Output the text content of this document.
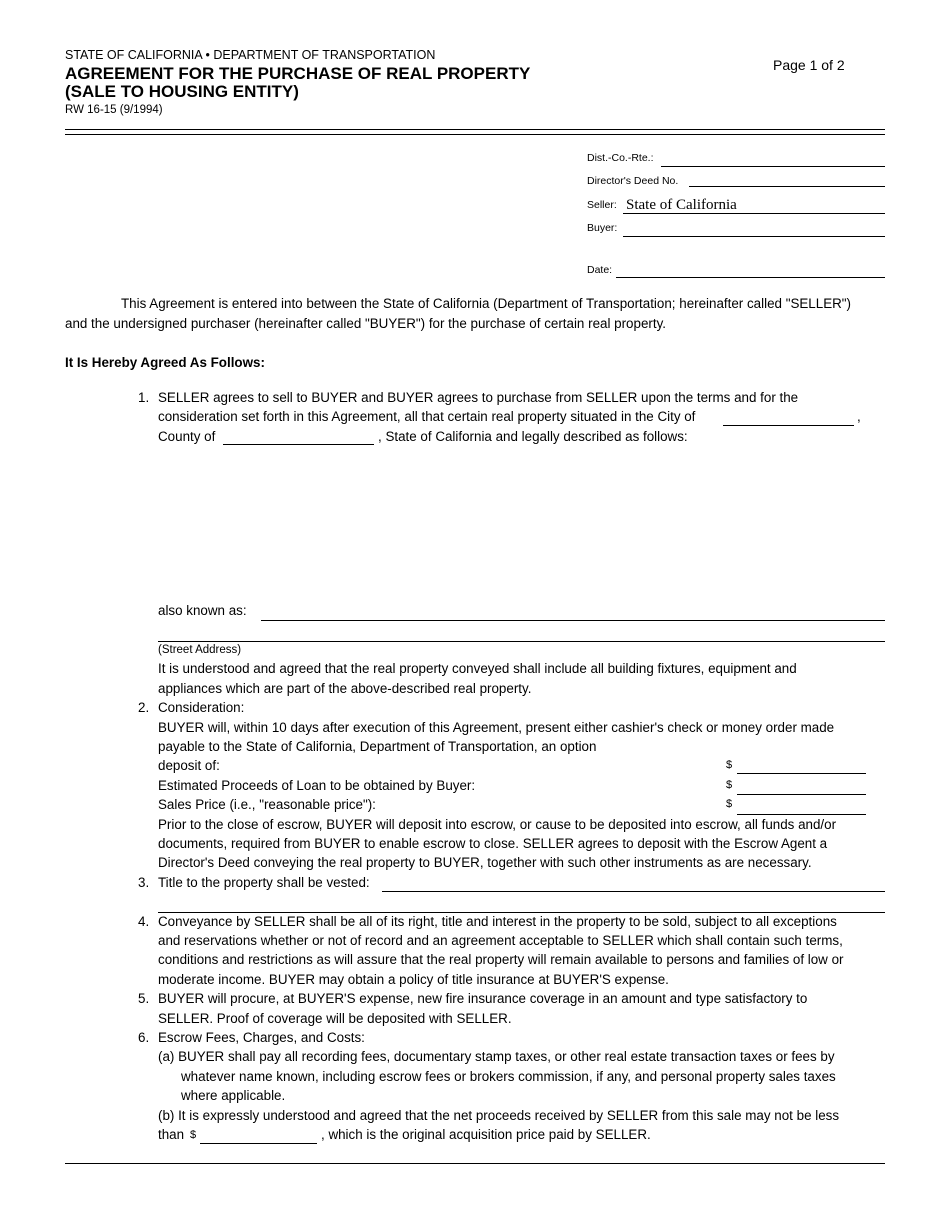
STATE OF CALIFORNIA • DEPARTMENT OF TRANSPORTATION
AGREEMENT FOR THE PURCHASE OF REAL PROPERTY
(SALE TO HOUSING ENTITY)
RW 16-15 (9/1994)
Page 1 of 2
Dist.-Co.-Rte.:
Director's Deed No.
Seller: State of California
Buyer:
Date:
This Agreement is entered into between the State of California (Department of Transportation; hereinafter called "SELLER")
and the undersigned purchaser (hereinafter called "BUYER") for the purchase of certain real property.
It Is Hereby Agreed As Follows:
1. SELLER agrees to sell to BUYER and BUYER agrees to purchase from SELLER upon the terms and for the
consideration set forth in this Agreement, all that certain real property situated in the City of	,
County of	, State of California and legally described as follows:
also known as:
(Street Address)
It is understood and agreed that the real property conveyed shall include all building fixtures, equipment and
appliances which are part of the above-described real property.
2. Consideration:
BUYER will, within 10 days after execution of this Agreement, present either cashier's check or money order made
payable to the State of California, Department of Transportation, an option
deposit of:	$
Estimated Proceeds of Loan to be obtained by Buyer:	$
Sales Price (i.e., "reasonable price"):	$
Prior to the close of escrow, BUYER will deposit into escrow, or cause to be deposited into escrow, all funds and/or
documents, required from BUYER to enable escrow to close. SELLER agrees to deposit with the Escrow Agent a
Director's Deed conveying the real property to BUYER, together with such other instruments as are necessary.
3. Title to the property shall be vested:
4. Conveyance by SELLER shall be all of its right, title and interest in the property to be sold, subject to all exceptions
and reservations whether or not of record and an agreement acceptable to SELLER which shall contain such terms,
conditions and restrictions as will assure that the real property will remain available to persons and families of low or
moderate income. BUYER may obtain a policy of title insurance at BUYER'S expense.
5. BUYER will procure, at BUYER'S expense, new fire insurance coverage in an amount and type satisfactory to
SELLER. Proof of coverage will be deposited with SELLER.
6. Escrow Fees, Charges, and Costs:
(a) BUYER shall pay all recording fees, documentary stamp taxes, or other real estate transaction taxes or fees by
whatever name known, including escrow fees or brokers commission, if any, and personal property sales taxes
where applicable.
(b) It is expressly understood and agreed that the net proceeds received by SELLER from this sale may not be less
than $	, which is the original acquisition price paid by SELLER.
